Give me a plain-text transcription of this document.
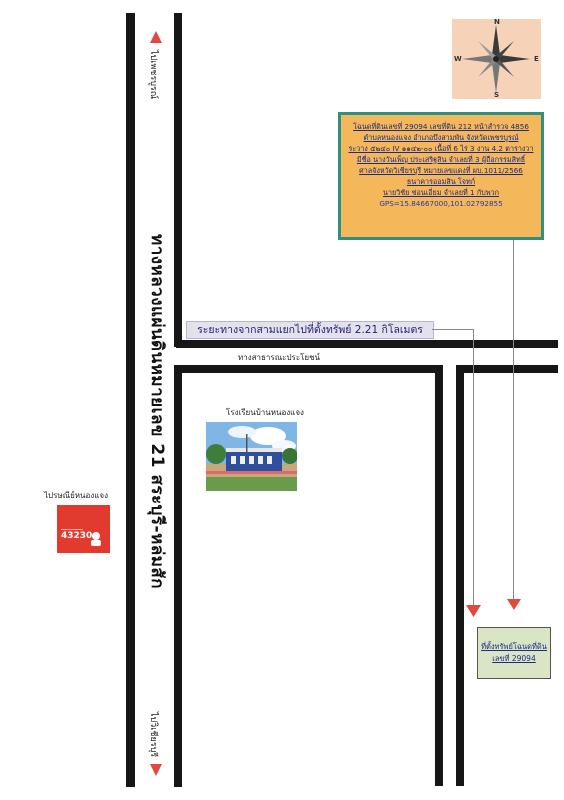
ไปเพชรบูรณ์
ไปวิเชียรบุรี
ทางหลวงแผ่นดินหมายเลข 21 สระบุรี-หล่มสัก
N
S
E
W
โฉนดที่ดินเลขที่ 29094 เลขที่ดิน 212 หน้าสำรวจ 4856
ตำบลหนองแจง อำเภอบึงสามพัน จังหวัดเพชรบูรณ์
ระวาง ๕๒๔๐ IV ๑๑๔๒-๐๐ เนื้อที่ 6 ไร่ 3 งาน 4.2 ตารางวา
มีชื่อ นางวันเพ็ญ ประเสริฐสิน จำเลยที่ 3 ผู้ถือกรรมสิทธิ์
ศาลจังหวัดวิเชียรบุรี หมายเลขแดงที่ ผบ.1011/2566
ธนาคารออมสิน โจทก์
นายวิชัย ช่อนเอี่ยม จำเลยที่ 1 กับพวก
GPS=15.84667000,101.02792855
ระยะทางจากสามแยกไปที่ตั้งทรัพย์ 2.21 กิโลเมตร
ทางสาธารณะประโยชน์
โรงเรียนบ้านหนองแจง
ไปรษณีย์หนองแจง
43230
ที่ตั้งทรัพย์โฉนดที่ดิน
เลขที่ 29094
